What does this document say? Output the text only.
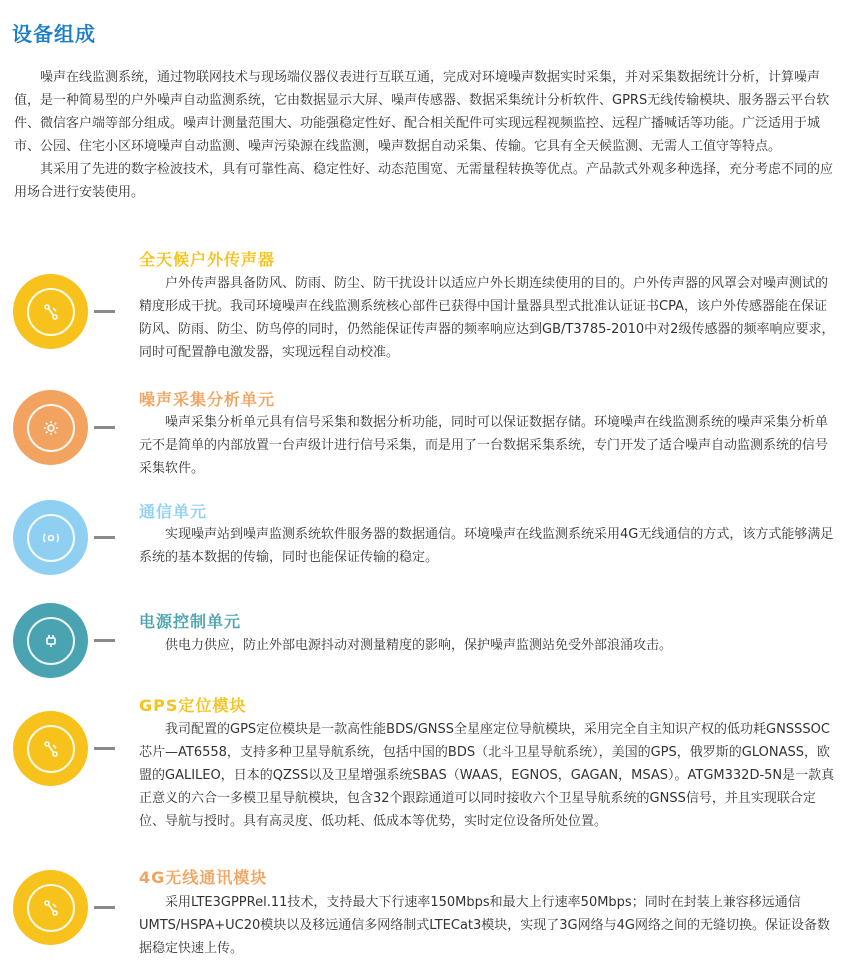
设备组成

噪声在线监测系统，通过物联网技术与现场端仪器仪表进行互联互通，完成对环境噪声数据实时采集，并对采集数据统计分析，计算噪声值，是一种简易型的户外噪声自动监测系统，它由数据显示大屏、噪声传感器、数据采集统计分析软件、GPRS无线传输模块、服务器云平台软件、微信客户端等部分组成。噪声计测量范围大、功能强稳定性好、配合相关配件可实现远程视频监控、远程广播喊话等功能。广泛适用于城市、公园、住宅小区环境噪声自动监测、噪声污染源在线监测，噪声数据自动采集、传输。它具有全天候监测、无需人工值守等特点。

其采用了先进的数字检波技术，具有可靠性高、稳定性好、动态范围宽、无需量程转换等优点。产品款式外观多种选择，充分考虑不同的应用场合进行安装使用。

全天候户外传声器

户外传声器具备防风、防雨、防尘、防干扰设计以适应户外长期连续使用的目的。户外传声器的风罩会对噪声测试的精度形成干扰。我司环境噪声在线监测系统核心部件已获得中国计量器具型式批准认证证书CPA，该户外传感器能在保证防风、防雨、防尘、防鸟停的同时，仍然能保证传声器的频率响应达到GB/T3785-2010中对2级传感器的频率响应要求，同时可配置静电激发器，实现远程自动校准。

噪声采集分析单元

噪声采集分析单元具有信号采集和数据分析功能，同时可以保证数据存储。环境噪声在线监测系统的噪声采集分析单元不是简单的内部放置一台声级计进行信号采集，而是用了一台数据采集系统，专门开发了适合噪声自动监测系统的信号采集软件。

通信单元

实现噪声站到噪声监测系统软件服务器的数据通信。环境噪声在线监测系统采用4G无线通信的方式，该方式能够满足系统的基本数据的传输，同时也能保证传输的稳定。

电源控制单元

供电力供应，防止外部电源抖动对测量精度的影响，保护噪声监测站免受外部浪涌攻击。

GPS定位模块

我司配置的GPS定位模块是一款高性能BDS/GNSS全星座定位导航模块，采用完全自主知识产权的低功耗GNSSSOC芯片—AT6558，支持多种卫星导航系统，包括中国的BDS（北斗卫星导航系统），美国的GPS，俄罗斯的GLONASS，欧盟的GALILEO，日本的QZSS以及卫星增强系统SBAS（WAAS，EGNOS，GAGAN，MSAS）。ATGM332D-5N是一款真正意义的六合一多模卫星导航模块，包含32个跟踪通道可以同时接收六个卫星导航系统的GNSS信号，并且实现联合定位、导航与授时。具有高灵度、低功耗、低成本等优势，实时定位设备所处位置。

4G无线通讯模块

采用LTE3GPPRel.11技术，支持最大下行速率150Mbps和最大上行速率50Mbps；同时在封装上兼容移远通信UMTS/HSPA+UC20模块以及移远通信多网络制式LTECat3模块，实现了3G网络与4G网络之间的无缝切换。保证设备数据稳定快速上传。
